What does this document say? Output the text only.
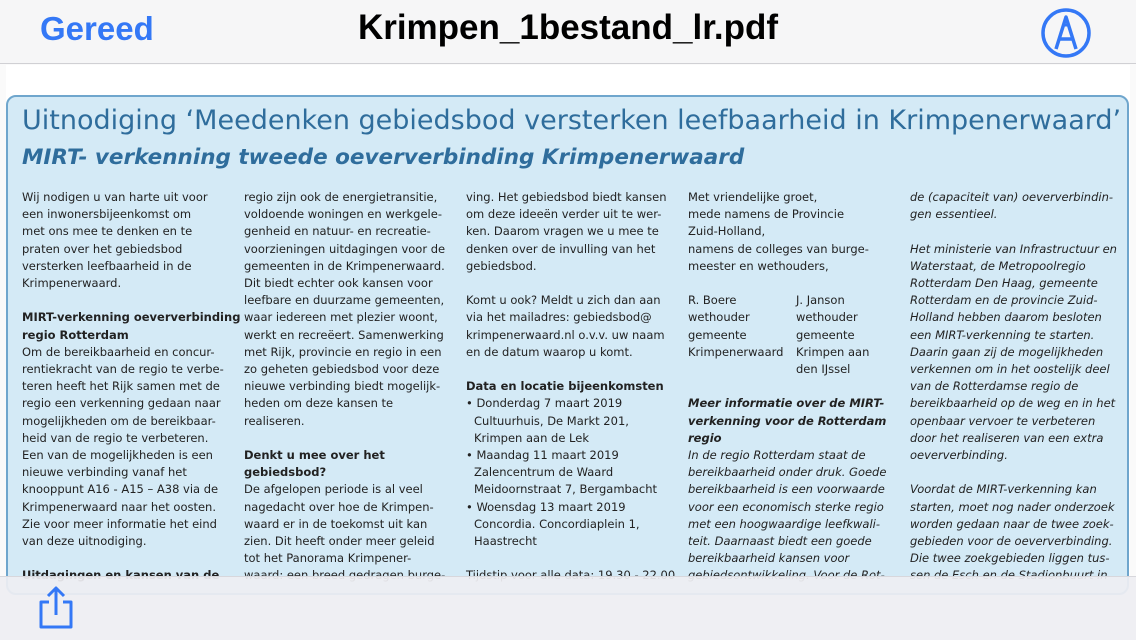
Gereed	Krimpen_1bestand_lr.pdf
Uitnodiging ‘Meedenken gebiedsbod versterken leefbaarheid in Krimpenerwaard’
MIRT- verkenning tweede oeververbinding Krimpenerwaard
Wij nodigen u van harte uit voor
een inwonersbijeenkomst om
met ons mee te denken en te
praten over het gebiedsbod
versterken leefbaarheid in de
Krimpenerwaard.
MIRT-verkenning oeververbinding
regio Rotterdam
Om de bereikbaarheid en concur-
rentiekracht van de regio te verbe-
teren heeft het Rijk samen met de
regio een verkenning gedaan naar
mogelijkheden om de bereikbaar-
heid van de regio te verbeteren.
Een van de mogelijkheden is een
nieuwe verbinding vanaf het
knooppunt A16 - A15 – A38 via de
Krimpenerwaard naar het oosten.
Zie voor meer informatie het eind
van deze uitnodiging.
regio zijn ook de energietransitie,
voldoende woningen en werkgele-
genheid en natuur- en recreatie-
voorzieningen uitdagingen voor de
gemeenten in de Krimpenerwaard.
Dit biedt echter ook kansen voor
leefbare en duurzame gemeenten,
waar iedereen met plezier woont,
werkt en recreëert. Samenwerking
met Rijk, provincie en regio in een
zo geheten gebiedsbod voor deze
nieuwe verbinding biedt mogelijk-
heden om deze kansen te
realiseren.
Denkt u mee over het
gebiedsbod?
De afgelopen periode is al veel
nagedacht over hoe de Krimpen-
waard er in de toekomst uit kan
zien. Dit heeft onder meer geleid
tot het Panorama Krimpener-
ving. Het gebiedsbod biedt kansen
om deze ideeën verder uit te wer-
ken. Daarom vragen we u mee te
denken over de invulling van het
gebiedsbod.
Komt u ook? Meldt u zich dan aan
via het mailadres: gebiedsbod@
krimpenerwaard.nl o.v.v. uw naam
en de datum waarop u komt.
Data en locatie bijeenkomsten
• Donderdag 7 maart 2019
Cultuurhuis, De Markt 201,
Krimpen aan de Lek
• Maandag 11 maart 2019
Zalencentrum de Waard
Meidoornstraat 7, Bergambacht
• Woensdag 13 maart 2019
Concordia. Concordiaplein 1,
Haastrecht
Met vriendelijke groet,
mede namens de Provincie
Zuid-Holland,
namens de colleges van burge-
meester en wethouders,
R. Boere
wethouder
gemeente
Krimpenerwaard
J. Janson
wethouder
gemeente
Krimpen aan
den IJssel
Meer informatie over de MIRT-
verkenning voor de Rotterdam
regio
In de regio Rotterdam staat de
bereikbaarheid onder druk. Goede
bereikbaarheid is een voorwaarde
voor een economisch sterke regio
met een hoogwaardige leefkwali-
teit. Daarnaast biedt een goede
bereikbaarheid kansen voor
de (capaciteit van) oeververbindin-
gen essentieel.
Het ministerie van Infrastructuur en
Waterstaat, de Metropoolregio
Rotterdam Den Haag, gemeente
Rotterdam en de provincie Zuid-
Holland hebben daarom besloten
een MIRT-verkenning te starten.
Daarin gaan zij de mogelijkheden
verkennen om in het oostelijk deel
van de Rotterdamse regio de
bereikbaarheid op de weg en in het
openbaar vervoer te verbeteren
door het realiseren van een extra
oeververbinding.
Voordat de MIRT-verkenning kan
starten, moet nog nader onderzoek
worden gedaan naar de twee zoek-
gebieden voor de oeververbinding.
Die twee zoekgebieden liggen tus-
